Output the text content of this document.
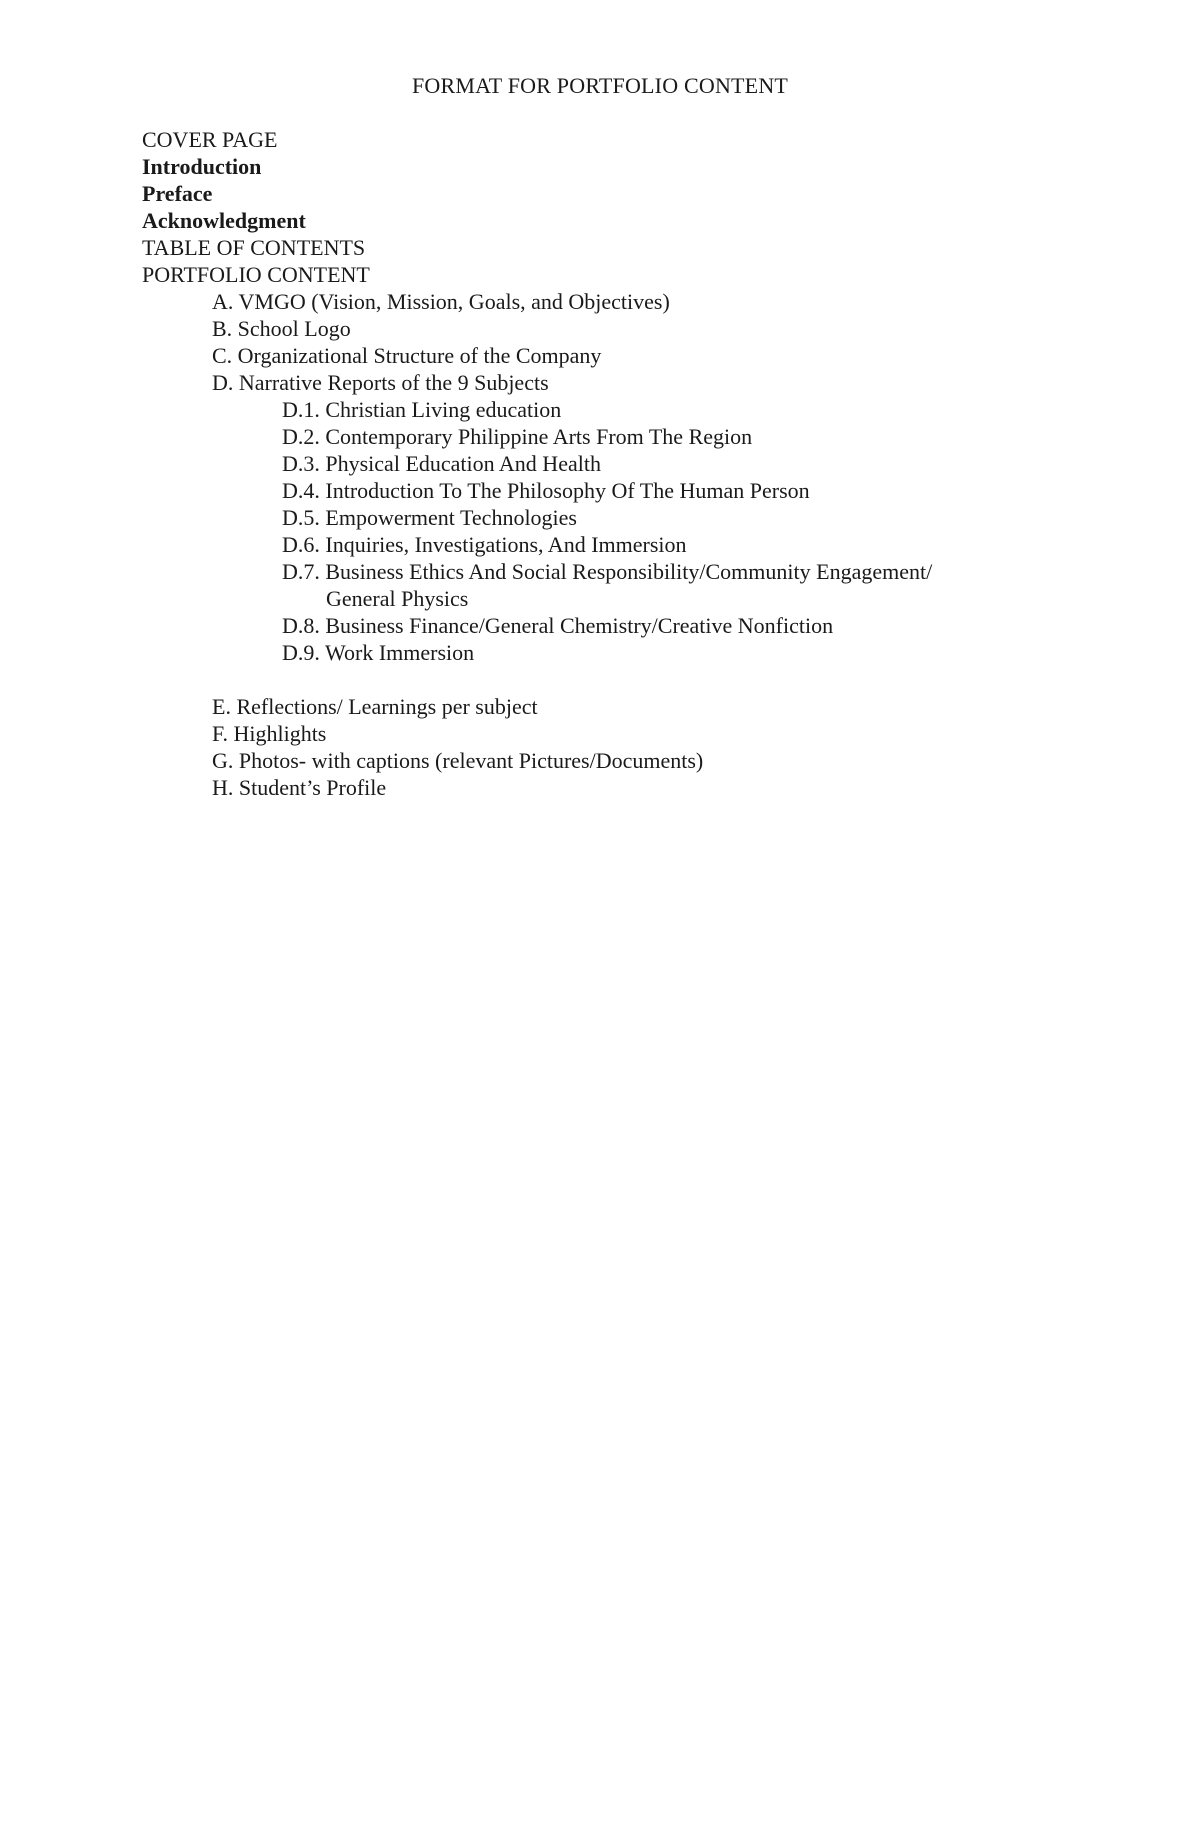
FORMAT FOR PORTFOLIO CONTENT
COVER PAGE
Introduction
Preface
Acknowledgment
TABLE OF CONTENTS
PORTFOLIO CONTENT
A. VMGO (Vision, Mission, Goals, and Objectives)
B. School Logo
C. Organizational Structure of the Company
D. Narrative Reports of the 9 Subjects
D.1. Christian Living education
D.2. Contemporary Philippine Arts From The Region
D.3. Physical Education And Health
D.4. Introduction To The Philosophy Of The Human Person
D.5. Empowerment Technologies
D.6. Inquiries, Investigations, And Immersion
D.7. Business Ethics And Social Responsibility/Community Engagement/
General Physics
D.8. Business Finance/General Chemistry/Creative Nonfiction
D.9. Work Immersion
E. Reflections/ Learnings per subject
F. Highlights
G. Photos- with captions (relevant Pictures/Documents)
H. Student’s Profile
